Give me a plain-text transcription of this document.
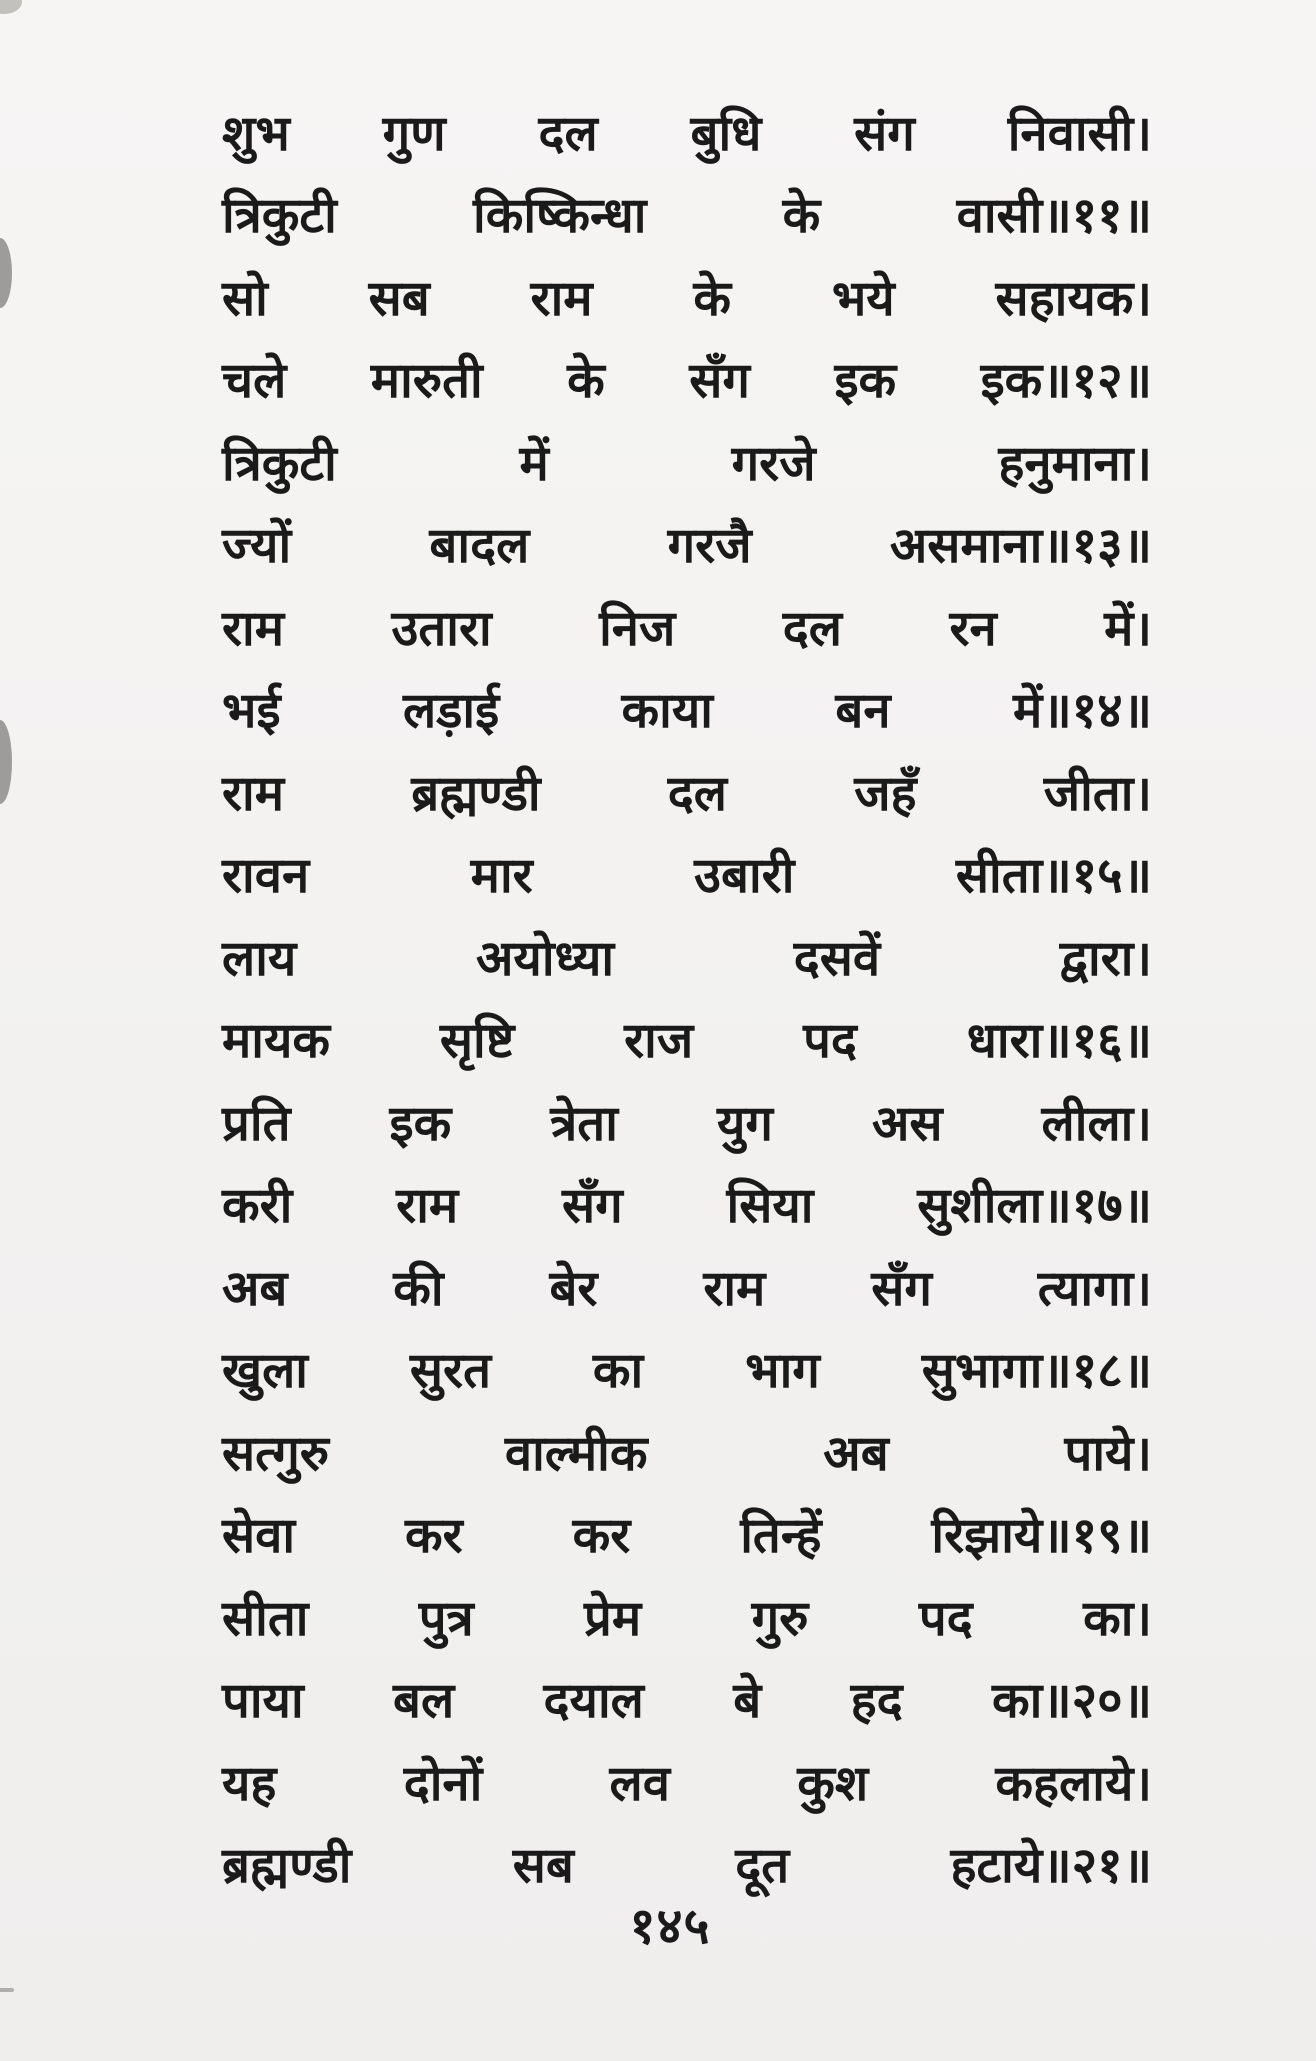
शुभ गुण दल बुधि संग निवासी।
त्रिकुटी	किष्किन्धा	के	वासी॥११॥
सो सब राम के भये सहायक।
चले मारुती के सँग इक इक॥१२॥
त्रिकुटी	में	गरजे	हनुमाना।
ज्यों	बादल	गरजै	असमाना॥१३॥
राम उतारा निज दल रन में।
भई लड़ाई काया बन में॥१४॥
राम	ब्रह्मण्डी	दल	जहँ	जीता।
रावन	मार	उबारी	सीता॥१५॥
लाय	अयोध्या	दसवें	द्वारा।
मायक सृष्टि राज पद धारा॥१६॥
प्रति इक त्रेता युग अस लीला।
करी राम सँग सिया सुशीला॥१७॥
अब की बेर राम सँग त्यागा।
खुला सुरत का भाग सुभागा॥१८॥
सत्गुरु	वाल्मीक	अब	पाये।
सेवा कर कर तिन्हें रिझाये॥१९॥
सीता पुत्र प्रेम गुरु पद का।
पाया बल दयाल बे हद का॥२०॥
यह	दोनों	लव	कुश	कहलाये।
ब्रह्मण्डी	सब	दूत	हटाये॥२१॥
१४५
